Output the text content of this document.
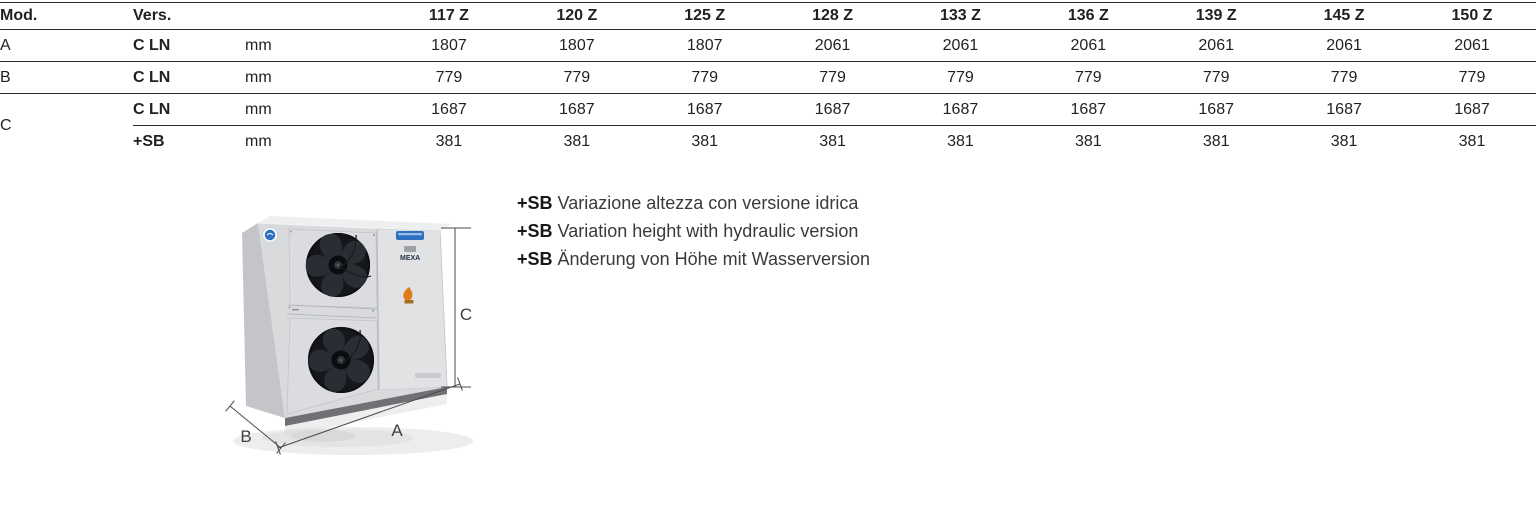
Mod.	Vers.		117 Z	120 Z	125 Z	128 Z	133 Z	136 Z	139 Z	145 Z	150 Z
A	C LN	mm	1807	1807	1807	2061	2061	2061	2061	2061	2061
B	C LN	mm	779	779	779	779	779	779	779	779	779
C	C LN	mm	1687	1687	1687	1687	1687	1687	1687	1687	1687
	+SB	mm	381	381	381	381	381	381	381	381	381
MEXA
C
A
B
+SB Variazione altezza con versione idrica
+SB Variation height with hydraulic version
+SB Änderung von Höhe mit Wasserversion
